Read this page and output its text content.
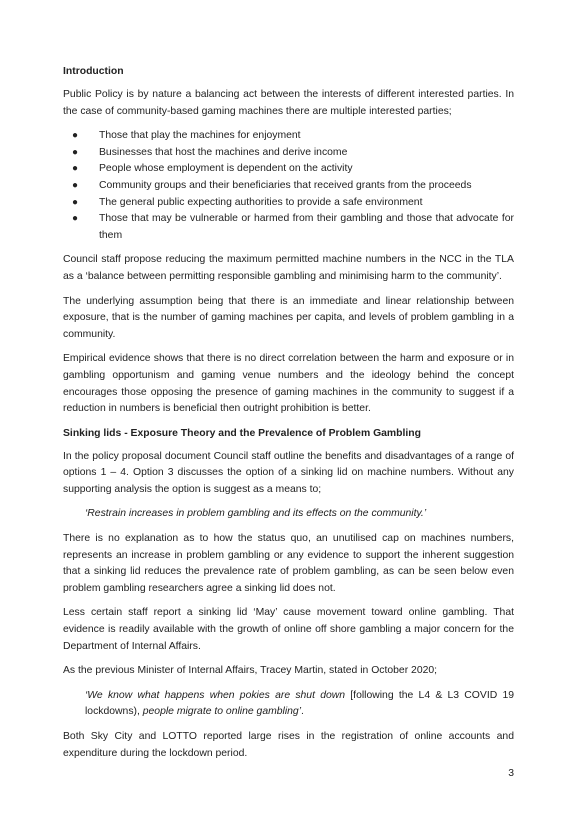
Introduction

Public Policy is by nature a balancing act between the interests of different interested parties. In the case of community-based gaming machines there are multiple interested parties;

● Those that play the machines for enjoyment
● Businesses that host the machines and derive income
● People whose employment is dependent on the activity
● Community groups and their beneficiaries that received grants from the proceeds
● The general public expecting authorities to provide a safe environment
● Those that may be vulnerable or harmed from their gambling and those that advocate for them

Council staff propose reducing the maximum permitted machine numbers in the NCC in the TLA as a ‘balance between permitting responsible gambling and minimising harm to the community’.

The underlying assumption being that there is an immediate and linear relationship between exposure, that is the number of gaming machines per capita, and levels of problem gambling in a community.

Empirical evidence shows that there is no direct correlation between the harm and exposure or in gambling opportunism and gaming venue numbers and the ideology behind the concept encourages those opposing the presence of gaming machines in the community to suggest if a reduction in numbers is beneficial then outright prohibition is better.

Sinking lids - Exposure Theory and the Prevalence of Problem Gambling

In the policy proposal document Council staff outline the benefits and disadvantages of a range of options 1 – 4. Option 3 discusses the option of a sinking lid on machine numbers. Without any supporting analysis the option is suggest as a means to;

‘Restrain increases in problem gambling and its effects on the community.’

There is no explanation as to how the status quo, an unutilised cap on machines numbers, represents an increase in problem gambling or any evidence to support the inherent suggestion that a sinking lid reduces the prevalence rate of problem gambling, as can be seen below even problem gambling researchers agree a sinking lid does not.

Less certain staff report a sinking lid ‘May’ cause movement toward online gambling. That evidence is readily available with the growth of online off shore gambling a major concern for the Department of Internal Affairs.

As the previous Minister of Internal Affairs, Tracey Martin, stated in October 2020;

‘We know what happens when pokies are shut down [following the L4 & L3 COVID 19 lockdowns), people migrate to online gambling’.

Both Sky City and LOTTO reported large rises in the registration of online accounts and expenditure during the lockdown period.

3
